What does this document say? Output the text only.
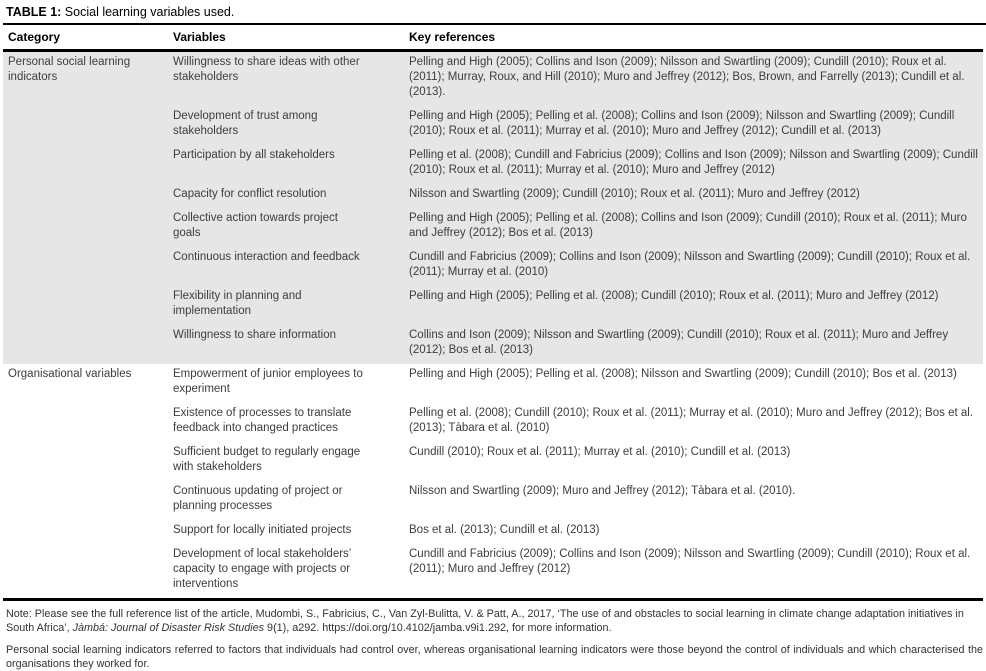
TABLE 1: Social learning variables used.
Category	Variables	Key references
Personal social learning indicators	Willingness to share ideas with other stakeholders	Pelling and High (2005); Collins and Ison (2009); Nilsson and Swartling (2009); Cundill (2010); Roux et al. (2011); Murray, Roux, and Hill (2010); Muro and Jeffrey (2012); Bos, Brown, and Farrelly (2013); Cundill et al. (2013).
	Development of trust among stakeholders	Pelling and High (2005); Pelling et al. (2008); Collins and Ison (2009); Nilsson and Swartling (2009); Cundill (2010); Roux et al. (2011); Murray et al. (2010); Muro and Jeffrey (2012); Cundill et al. (2013)
	Participation by all stakeholders	Pelling et al. (2008); Cundill and Fabricius (2009); Collins and Ison (2009); Nilsson and Swartling (2009); Cundill (2010); Roux et al. (2011); Murray et al. (2010); Muro and Jeffrey (2012)
	Capacity for conflict resolution	Nilsson and Swartling (2009); Cundill (2010); Roux et al. (2011); Muro and Jeffrey (2012)
	Collective action towards project goals	Pelling and High (2005); Pelling et al. (2008); Collins and Ison (2009); Cundill (2010); Roux et al. (2011); Muro and Jeffrey (2012); Bos et al. (2013)
	Continuous interaction and feedback	Cundill and Fabricius (2009); Collins and Ison (2009); Nilsson and Swartling (2009); Cundill (2010); Roux et al. (2011); Murray et al. (2010)
	Flexibility in planning and implementation	Pelling and High (2005); Pelling et al. (2008); Cundill (2010); Roux et al. (2011); Muro and Jeffrey (2012)
	Willingness to share information	Collins and Ison (2009); Nilsson and Swartling (2009); Cundill (2010); Roux et al. (2011); Muro and Jeffrey (2012); Bos et al. (2013)
Organisational variables	Empowerment of junior employees to experiment	Pelling and High (2005); Pelling et al. (2008); Nilsson and Swartling (2009); Cundill (2010); Bos et al. (2013)
	Existence of processes to translate feedback into changed practices	Pelling et al. (2008); Cundill (2010); Roux et al. (2011); Murray et al. (2010); Muro and Jeffrey (2012); Bos et al. (2013); Tàbara et al. (2010)
	Sufficient budget to regularly engage with stakeholders	Cundill (2010); Roux et al. (2011); Murray et al. (2010); Cundill et al. (2013)
	Continuous updating of project or planning processes	Nilsson and Swartling (2009); Muro and Jeffrey (2012); Tàbara et al. (2010).
	Support for locally initiated projects	Bos et al. (2013); Cundill et al. (2013)
	Development of local stakeholders’ capacity to engage with projects or interventions	Cundill and Fabricius (2009); Collins and Ison (2009); Nilsson and Swartling (2009); Cundill (2010); Roux et al. (2011); Muro and Jeffrey (2012)

Note: Please see the full reference list of the article, Mudombi, S., Fabricius, C., Van Zyl-Bulitta, V. & Patt, A., 2017, ‘The use of and obstacles to social learning in climate change adaptation initiatives in South Africa’, Jàmbá: Journal of Disaster Risk Studies 9(1), a292. https://doi.org/10.4102/jamba.v9i1.292, for more information.

Personal social learning indicators referred to factors that individuals had control over, whereas organisational learning indicators were those beyond the control of individuals and which characterised the organisations they worked for.
